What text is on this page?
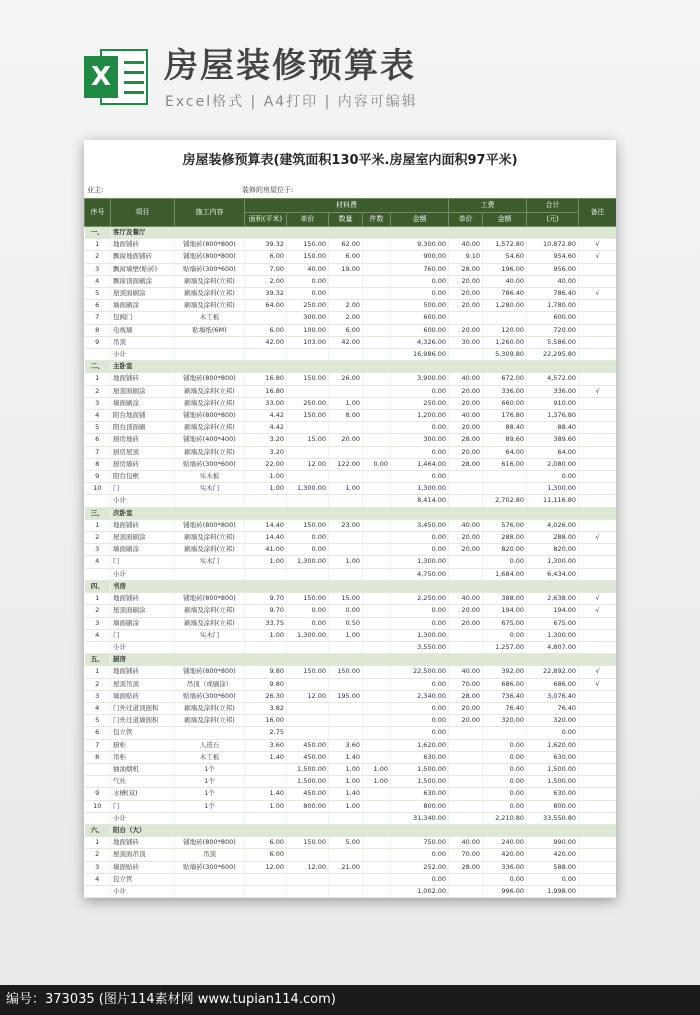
X 房屋装修预算表
Excel格式 | A4打印 | 内容可编辑
房屋装修预算表(建筑面积130平米.房屋室内面积97平米)
业主:	装修的房屋位于:
序号	项目	施工内容	材料费					工费		合计	备注
			面积(平米)	单价	数量	件数	金额	单价	金额	(元)	
一、	客厅及餐厅										
1	地面铺砖	铺地砖(800*800)	39.32	150.00	62.00		9,300.00	40.00	1,572.80	10,872.80	√
2	飘窗地面铺砖	铺地砖(800*800)	6.00	150.00	6.00		900.00	9.10	54.60	954.60	√
3	飘窗墙壁(贴砖)	贴墙砖(300*600)	7.00	40.00	19.00		760.00	28.00	196.00	956.00	
4	飘窗顶面刷涂	刷墙及涂料(立邦)	2.00	0.00			0.00	20.00	40.00	40.00	
5	屋顶面刷涂	刷墙及涂料(立邦)	39.32	0.00			0.00	20.00	786.40	786.40	√
6	墙面刷涂	刷墙及涂料(立邦)	64.00	250.00	2.00		500.00	20.00	1,280.00	1,780.00	
7	包阀门	木工板		300.00	2.00		600.00			600.00	
8	电视墙	贴墙纸(6M)	6.00	100.00	6.00		600.00	20.00	120.00	720.00	
9	吊顶		42.00	103.00	42.00		4,326.00	30.00	1,260.00	5,586.00	
	小计						16,986.00		5,309.80	22,295.80	
二、	主卧室										
1	地面铺砖	铺地砖(800*800)	16.80	150.00	26.00		3,900.00	40.00	672.00	4,572.00	
2	屋顶面刷涂	刷墙及涂料(立邦)	16.80				0.00	20.00	336.00	336.00	√
3	墙面刷涂	刷墙及涂料(立邦)	33.00	250.00	1.00		250.00	20.00	660.00	910.00	
4	阳台地面铺	铺地砖(800*800)	4.42	150.00	8.00		1,200.00	40.00	176.80	1,376.80	
5	阳台顶面刷	刷墙及涂料(立邦)	4.42				0.00	20.00	88.40	88.40	
6	厨房地砖	铺地砖(400*400)	3.20	15.00	20.00		300.00	28.00	89.60	389.60	
7	厨房屋顶	刷墙及涂料(立邦)	3.20				0.00	20.00	64.00	64.00	
8	厨房墙砖	贴墙砖(300*600)	22.00	12.00	122.00	0.00	1,464.00	28.00	616.00	2,080.00	
9	阳台包框	实木板	1.00				0.00			0.00	
10	门	实木门	1.00	1,300.00	1.00		1,300.00			1,300.00	
	小计						8,414.00		2,702.80	11,116.80	
三、	次卧室										
1	地面铺砖	铺地砖(800*800)	14.40	150.00	23.00		3,450.00	40.00	576.00	4,026.00	
2	屋顶面刷涂	刷墙及涂料(立邦)	14.40	0.00			0.00	20.00	288.00	288.00	√
3	墙面刷涂	刷墙及涂料(立邦)	41.00	0.00			0.00	20.00	820.00	820.00	
4	门	实木门	1.00	1,300.00	1.00		1,300.00		0.00	1,300.00	
	小计						4,750.00		1,684.00	6,434.00	
四、	书房										
1	地面铺砖	铺地砖(800*800)	9.70	150.00	15.00		2,250.00	40.00	388.00	2,638.00	√
2	屋顶面刷涂	刷墙及涂料(立邦)	9.70	0.00	0.00		0.00	20.00	194.00	194.00	√
3	墙面刷涂	刷墙及涂料(立邦)	33.75	0.00	0.50		0.00	20.00	675.00	675.00	
4	门	实木门	1.00	1,300.00	1.00		1,300.00		0.00	1,300.00	
	小计						3,550.00		1,257.00	4,807.00	
五、	厨房										
1	地面铺砖	铺地砖(800*800)	9.80	150.00	150.00		22,500.00	40.00	392.00	22,892.00	√
2	屋顶吊顶	吊顶（或刷涂）	9.80				0.00	70.00	686.00	686.00	√
3	墙面贴砖	贴墙砖(300*600)	26.30	12.00	195.00		2,340.00	28.00	736.40	3,076.40	
4	门外过道顶面积	刷墙及涂料(立邦)	3.82				0.00	20.00	76.40	76.40	
5	门外过道墙面积	刷墙及涂料(立邦)	16.00				0.00	20.00	320.00	320.00	
6	包立管		2.75				0.00			0.00	
7	厨柜	人造石	3.60	450.00	3.60		1,620.00		0.00	1,620.00	
8	吊柜	木工板	1.40	450.00	1.40		630.00		0.00	630.00	
	抽油烟机	1个		1,500.00	1.00	1.00	1,500.00		0.00	1,500.00	
	气灶	1个		1,500.00	1.00	1.00	1,500.00		0.00	1,500.00	
9	水槽(双)	1个	1.40	450.00	1.40		630.00		0.00	630.00	
10	门	1个	1.00	800.00	1.00		800.00		0.00	800.00	
	小计						31,340.00		2,210.80	33,550.80	
六、	阳台（大）										
1	地面铺砖	铺地砖(800*800)	6.00	150.00	5.00		750.00	40.00	240.00	990.00	
2	屋顶面吊顶	吊顶	6.00				0.00	70.00	420.00	420.00	
3	墙面贴砖	贴墙砖(300*600)	12.00	12.00	21.00		252.00	28.00	336.00	588.00	
4	包立管						0.00		0.00	0.00	
	小计						1,002.00		996.00	1,998.00	
编号：373035 (图片114素材网 www.tupian114.com)
